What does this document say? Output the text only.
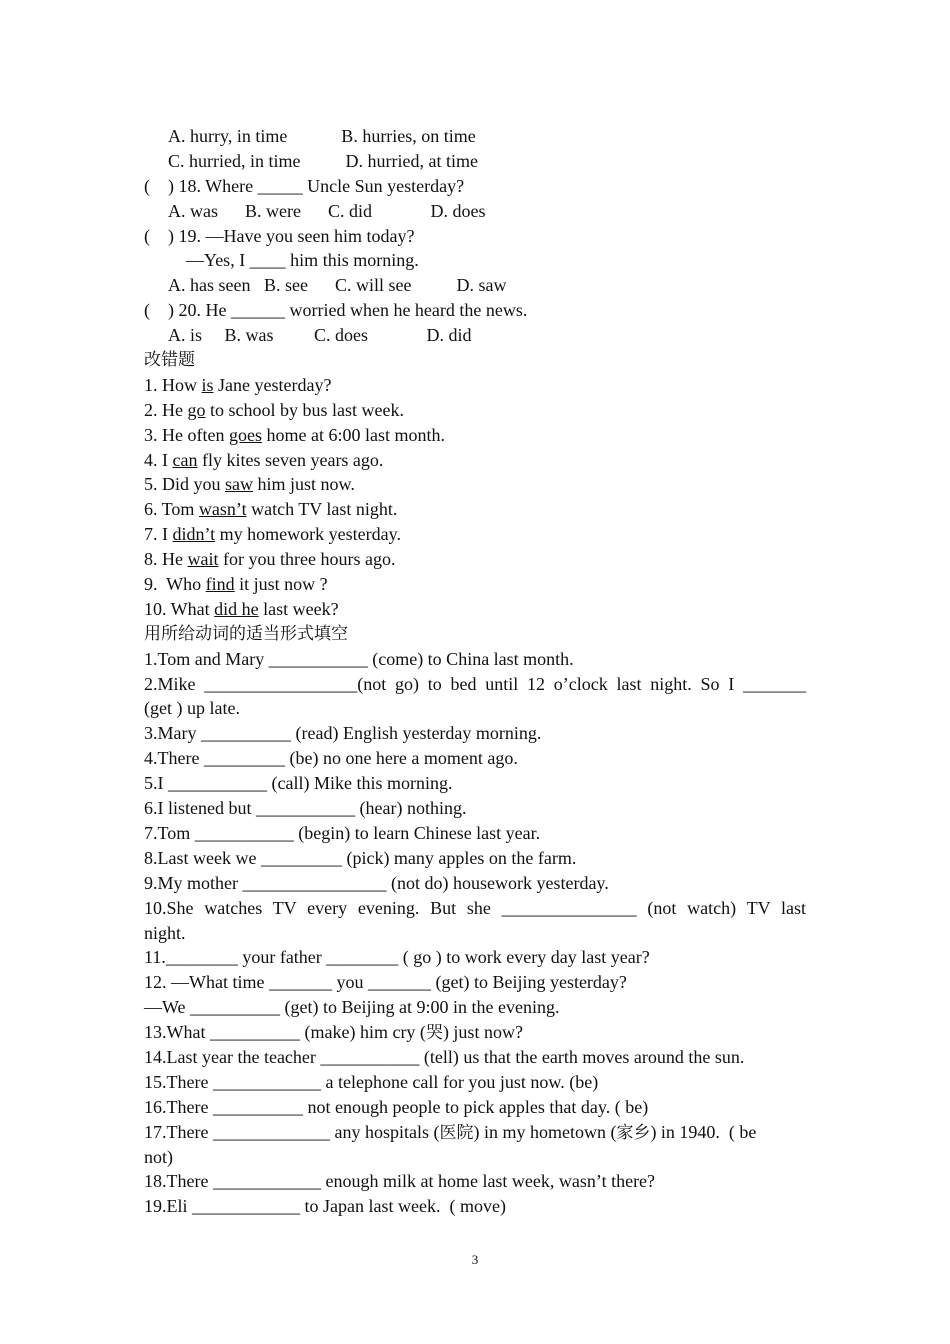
A. hurry, in time            B. hurries, on time
C. hurried, in time          D. hurried, at time
(    ) 18. Where _____ Uncle Sun yesterday?
A. was      B. were      C. did             D. does
(    ) 19. —Have you seen him today?
—Yes, I ____ him this morning.
A. has seen   B. see      C. will see          D. saw
(    ) 20. He ______ worried when he heard the news.
A. is     B. was         C. does             D. did
改错题
1. How is Jane yesterday?
2. He go to school by bus last week.
3. He often goes home at 6:00 last month.
4. I can fly kites seven years ago.
5. Did you saw him just now.
6. Tom wasn’t watch TV last night.
7. I didn’t my homework yesterday.
8. He wait for you three hours ago.
9.  Who find it just now ?
10. What did he last week?
用所给动词的适当形式填空
1.Tom and Mary ___________ (come) to China last month.
2.Mike _________________(not go) to bed until 12 o’clock last night. So I _______
(get ) up late.
3.Mary __________ (read) English yesterday morning.
4.There _________ (be) no one here a moment ago.
5.I ___________ (call) Mike this morning.
6.I listened but ___________ (hear) nothing.
7.Tom ___________ (begin) to learn Chinese last year.
8.Last week we _________ (pick) many apples on the farm.
9.My mother ________________ (not do) housework yesterday.
10.She watches TV every evening. But she _______________ (not watch) TV last
night.
11.________ your father ________ ( go ) to work every day last year?
12. —What time _______ you _______ (get) to Beijing yesterday?
—We __________ (get) to Beijing at 9:00 in the evening.
13.What __________ (make) him cry (哭) just now?
14.Last year the teacher ___________ (tell) us that the earth moves around the sun.
15.There ____________ a telephone call for you just now. (be)
16.There __________ not enough people to pick apples that day. ( be)
17.There _____________ any hospitals (医院) in my hometown (家乡) in 1940.  ( be
not)
18.There ____________ enough milk at home last week, wasn’t there?
19.Eli ____________ to Japan last week.  ( move)
3
